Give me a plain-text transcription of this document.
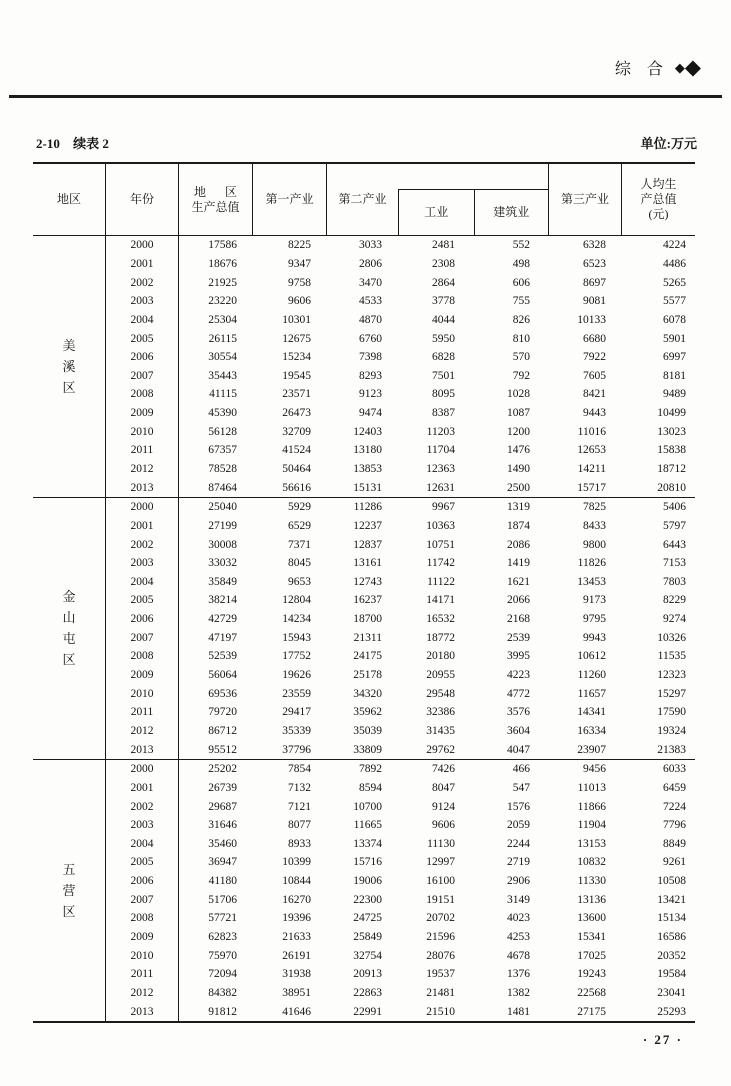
综 合 ◆ ◆
2-10 续表 2	单位:万元
地区	年份
地 区
生产总值
第一产业	第二产业
工业	建筑业
第三产业
人均生
产总值
(元)
美
溪
区
2000	17586	8225	3033	2481	552	6328	4224
2001	18676	9347	2806	2308	498	6523	4486
2002	21925	9758	3470	2864	606	8697	5265
2003	23220	9606	4533	3778	755	9081	5577
2004	25304	10301	4870	4044	826	10133	6078
2005	26115	12675	6760	5950	810	6680	5901
2006	30554	15234	7398	6828	570	7922	6997
2007	35443	19545	8293	7501	792	7605	8181
2008	41115	23571	9123	8095	1028	8421	9489
2009	45390	26473	9474	8387	1087	9443	10499
2010	56128	32709	12403	11203	1200	11016	13023
2011	67357	41524	13180	11704	1476	12653	15838
2012	78528	50464	13853	12363	1490	14211	18712
2013	87464	56616	15131	12631	2500	15717	20810
金
山
屯
区
2000	25040	5929	11286	9967	1319	7825	5406
2001	27199	6529	12237	10363	1874	8433	5797
2002	30008	7371	12837	10751	2086	9800	6443
2003	33032	8045	13161	11742	1419	11826	7153
2004	35849	9653	12743	11122	1621	13453	7803
2005	38214	12804	16237	14171	2066	9173	8229
2006	42729	14234	18700	16532	2168	9795	9274
2007	47197	15943	21311	18772	2539	9943	10326
2008	52539	17752	24175	20180	3995	10612	11535
2009	56064	19626	25178	20955	4223	11260	12323
2010	69536	23559	34320	29548	4772	11657	15297
2011	79720	29417	35962	32386	3576	14341	17590
2012	86712	35339	35039	31435	3604	16334	19324
2013	95512	37796	33809	29762	4047	23907	21383
五
营
区
2000	25202	7854	7892	7426	466	9456	6033
2001	26739	7132	8594	8047	547	11013	6459
2002	29687	7121	10700	9124	1576	11866	7224
2003	31646	8077	11665	9606	2059	11904	7796
2004	35460	8933	13374	11130	2244	13153	8849
2005	36947	10399	15716	12997	2719	10832	9261
2006	41180	10844	19006	16100	2906	11330	10508
2007	51706	16270	22300	19151	3149	13136	13421
2008	57721	19396	24725	20702	4023	13600	15134
2009	62823	21633	25849	21596	4253	15341	16586
2010	75970	26191	32754	28076	4678	17025	20352
2011	72094	31938	20913	19537	1376	19243	19584
2012	84382	38951	22863	21481	1382	22568	23041
2013	91812	41646	22991	21510	1481	27175	25293
· 27 ·
